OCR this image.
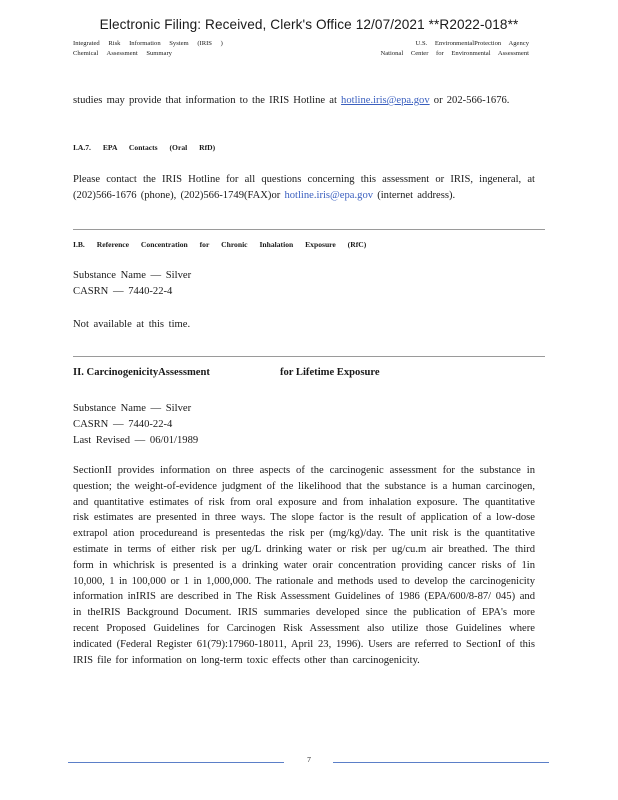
Electronic Filing: Received, Clerk's Office 12/07/2021 **R2022-018**
Integrated Risk Information System (IRIS )
Chemical Assessment Summary
U.S. EnvironmentalProtection Agency
National Center for Environmental Assessment
studies may provide that information to the IRIS Hotline at hotline.iris@epa.gov or 202-566-1676.
I.A.7. EPA Contacts (Oral RfD)
Please contact the IRIS Hotline for all questions concerning this assessment or IRIS, ingeneral, at (202)566-1676 (phone), (202)566-1749(FAX)or hotline.iris@epa.gov (internet address).
I.B. Reference Concentration for Chronic Inhalation Exposure (RfC)
Substance Name — Silver
CASRN — 7440-22-4
Not available at this time.
II. CarcinogenicityAssessment	for Lifetime Exposure
Substance Name — Silver
CASRN — 7440-22-4
Last Revised — 06/01/1989
SectionII provides information on three aspects of the carcinogenic assessment for the substance in question; the weight-of-evidence judgment of the likelihood that the substance is a human carcinogen, and quantitative estimates of risk from oral exposure and from inhalation exposure. The quantitative risk estimates are presented in three ways. The slope factor is the result of application of a low-dose extrapol ation procedureand is presentedas the risk per (mg/kg)/day. The unit risk is the quantitative estimate in terms of either risk per ug/L drinking water or risk per ug/cu.m air breathed. The third form in whichrisk is presented is a drinking water orair concentration providing cancer risks of 1in 10,000, 1 in 100,000 or 1 in 1,000,000. The rationale and methods used to develop the carcinogenicity information inIRIS are described in The Risk Assessment Guidelines of 1986 (EPA/600/8-87/ 045) and in theIRIS Background Document. IRIS summaries developed since the publication of EPA's more recent Proposed Guidelines for Carcinogen Risk Assessment also utilize those Guidelines where indicated (Federal Register 61(79):17960-18011, April 23, 1996). Users are referred to SectionI of this IRIS file for information on long-term toxic effects other than carcinogenicity.
7
